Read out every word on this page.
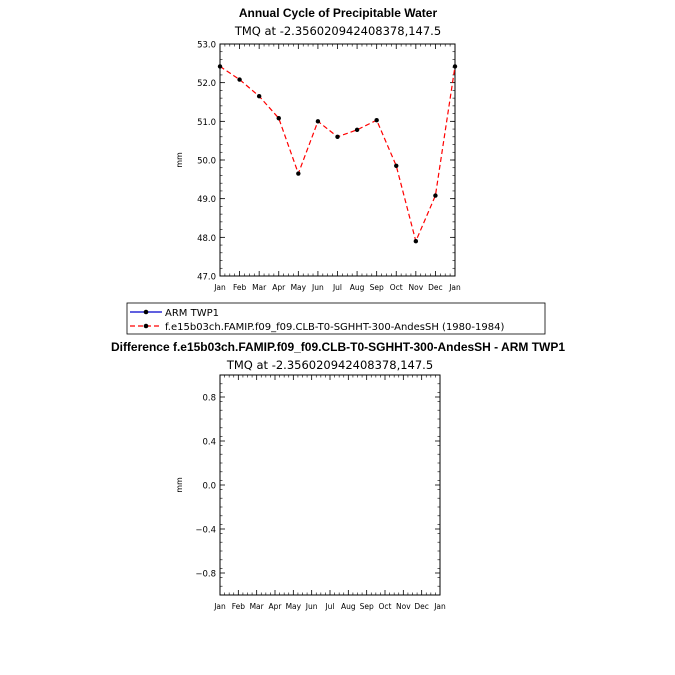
Annual Cycle of Precipitable Water
TMQ at -2.356020942408378,147.5
Jan Feb Mar Apr May Jun Jul Aug Sep Oct Nov Dec Jan
47.0
48.0
49.0
50.0
51.0
52.0
53.0
mm
ARM TWP1
f.e15b03ch.FAMIP.f09_f09.CLB-T0-SGHHT-300-AndesSH (1980-1984)
Difference f.e15b03ch.FAMIP.f09_f09.CLB-T0-SGHHT-300-AndesSH - ARM TWP1
TMQ at -2.356020942408378,147.5
Jan Feb Mar Apr May Jun Jul Aug Sep Oct Nov Dec Jan
−0.8
−0.4
0.0
0.4
0.8
mm
